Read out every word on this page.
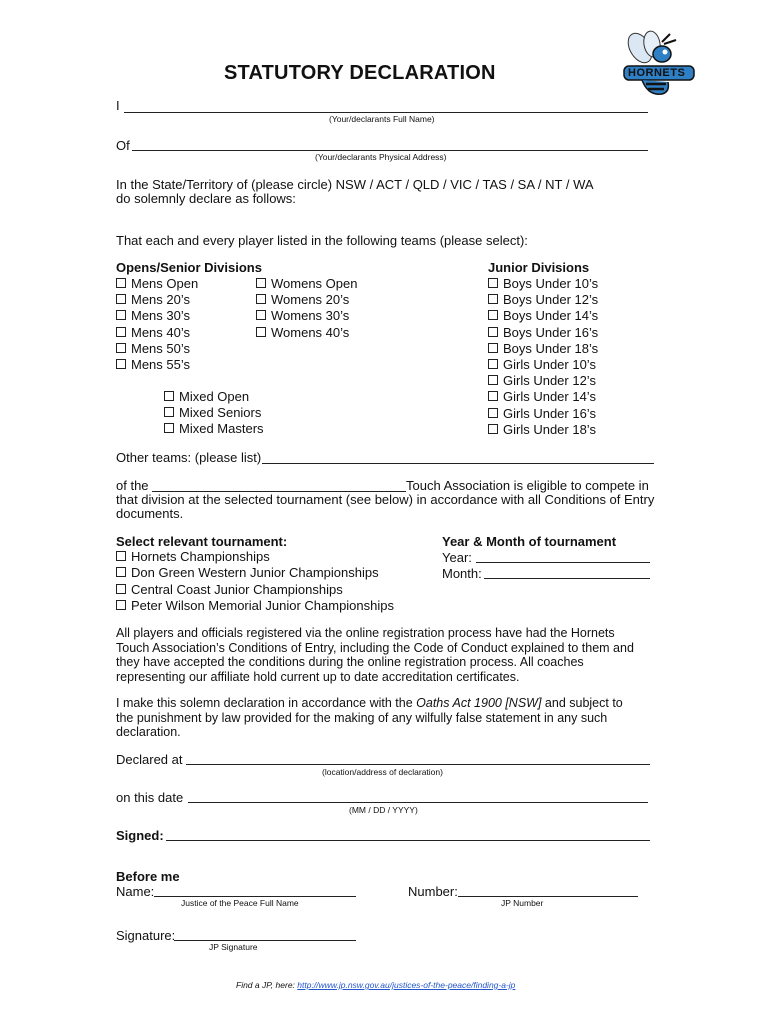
STATUTORY DECLARATION	HORNETS
I
(Your/declarants Full Name)
Of
(Your/declarants Physical Address)
In the State/Territory of (please circle) NSW / ACT / QLD / VIC / TAS / SA / NT / WA
do solemnly declare as follows:
That each and every player listed in the following teams (please select):
Opens/Senior Divisions
Mens Open
Mens 20’s
Mens 30’s
Mens 40’s
Mens 50’s
Mens 55’s
Womens Open
Womens 20’s
Womens 30’s
Womens 40’s
Mixed Open
Mixed Seniors
Mixed Masters
Junior Divisions
Boys Under 10’s
Boys Under 12’s
Boys Under 14’s
Boys Under 16’s
Boys Under 18’s
Girls Under 10’s
Girls Under 12’s
Girls Under 14’s
Girls Under 16’s
Girls Under 18’s
Other teams: (please list)
of the	Touch Association is eligible to compete in
that division at the selected tournament (see below) in accordance with all Conditions of Entry
documents.
Select relevant tournament:
Hornets Championships
Don Green Western Junior Championships
Central Coast Junior Championships
Peter Wilson Memorial Junior Championships
Year & Month of tournament
Year:
Month:
All players and officials registered via the online registration process have had the Hornets
Touch Association’s Conditions of Entry, including the Code of Conduct explained to them and
they have accepted the conditions during the online registration process. All coaches
representing our affiliate hold current up to date accreditation certificates.
I make this solemn declaration in accordance with the Oaths Act 1900 [NSW] and subject to
the punishment by law provided for the making of any wilfully false statement in any such
declaration.
Declared at
(location/address of declaration)
on this date
(MM / DD / YYYY)
Signed:
Before me
Name:
Justice of the Peace Full Name
Number:
JP Number
Signature:
JP Signature
Find a JP, here: http://www.jp.nsw.gov.au/justices-of-the-peace/finding-a-jp
